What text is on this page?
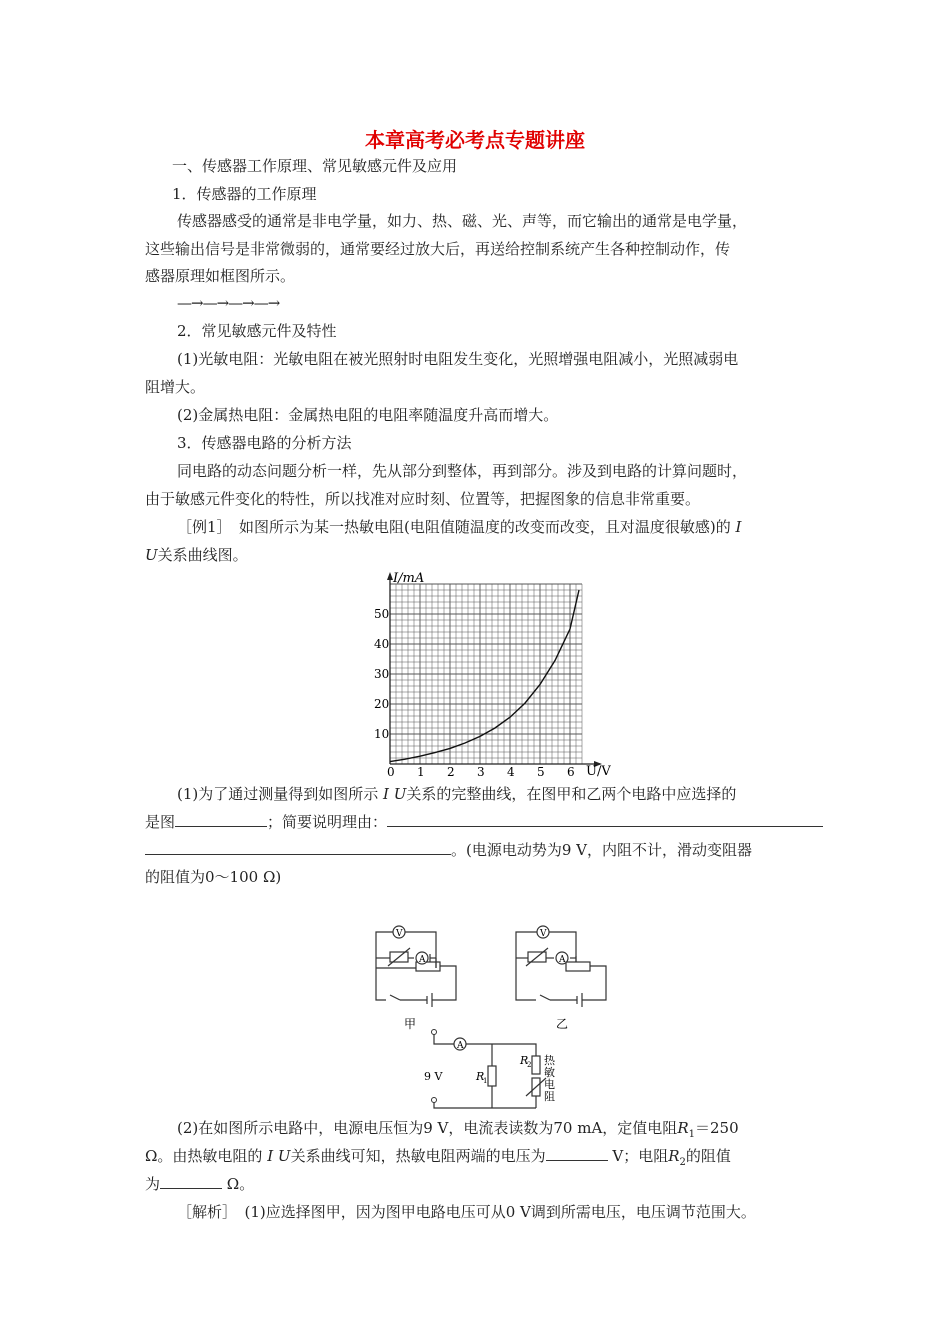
本章高考必考点专题讲座
一、传感器工作原理、常见敏感元件及应用
1．传感器的工作原理
传感器感受的通常是非电学量，如力、热、磁、光、声等，而它输出的通常是电学量，
这些输出信号是非常微弱的，通常要经过放大后，再送给控制系统产生各种控制动作，传
感器原理如框图所示。
—→—→—→—→
2．常见敏感元件及特性
(1)光敏电阻：光敏电阻在被光照射时电阻发生变化，光照增强电阻减小，光照减弱电
阻增大。
(2)金属热电阻：金属热电阻的电阻率随温度升高而增大。
3．传感器电路的分析方法
同电路的动态问题分析一样，先从部分到整体，再到部分。涉及到电路的计算问题时，
由于敏感元件变化的特性，所以找准对应时刻、位置等，把握图象的信息非常重要。
［例1］　如图所示为某一热敏电阻(电阻值随温度的改变而改变，且对温度很敏感)的 I
U关系曲线图。
0 1 2 3 4 5 6
10
20
30
40
50
I/mA
U/V
(1)为了通过测量得到如图所示 I U关系的完整曲线，在图甲和乙两个电路中应选择的
是图	；简要说明理由：
。(电源电动势为9 V，内阻不计，滑动变阻器
的阻值为0～100 Ω)
V
A
甲
V
A
乙
A
9 V	R
1
R
2 热
敏
电
阻
(2)在如图所示电路中，电源电压恒为9 V，电流表读数为70 mA，定值电阻$R_1=250$
Ω。由热敏电阻的 I U关系曲线可知，热敏电阻两端的电压为	V；电阻$R_2$的阻值
为	Ω。
［解析］　(1)应选择图甲，因为图甲电路电压可从0 V调到所需电压，电压调节范围大。
